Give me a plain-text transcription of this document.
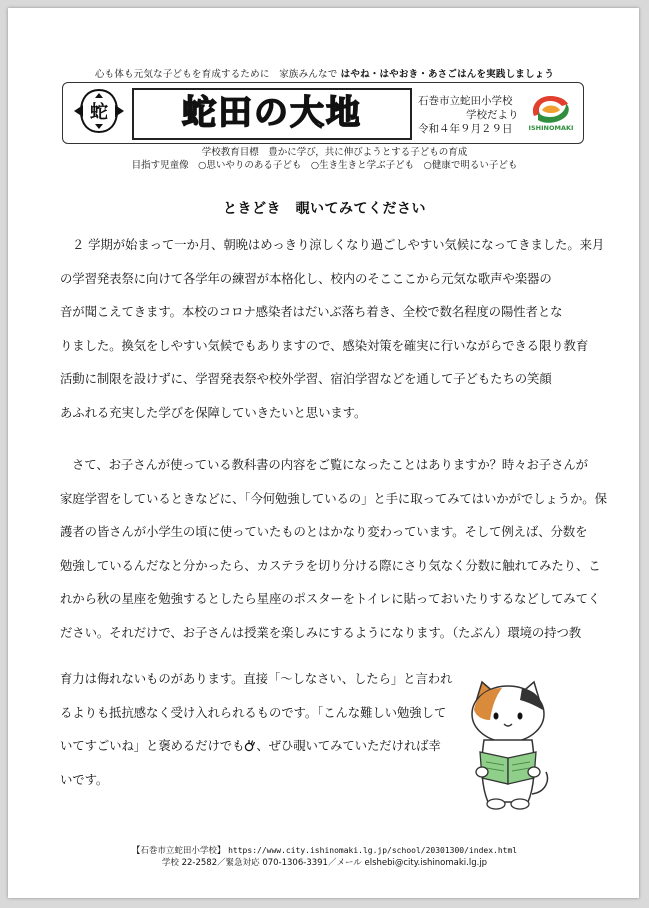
心も体も元気な子どもを育成するために　家族みんなで はやね・はやおき・あさごはんを実践しましょう
蛇	蛇田の大地	石巻市立蛇田小学校
学校だより
令和４年９月２９日	ISHINOMAKI
学校教育目標　豊かに学び，共に伸びようとする子どもの育成
目指す児童像　○思いやりのある子ども　○生き生きと学ぶ子ども　○健康で明るい子ども
ときどき　覗いてみてください
２ 学期が始まって一か月、朝晩はめっきり涼しくなり過ごしやすい気候になってきました。来月
の学習発表祭に向けて各学年の練習が本格化し、校内のそこここから元気な歌声や楽器の
音が聞こえてきます。本校のコロナ感染者はだいぶ落ち着き、全校で数名程度の陽性者とな
りました。換気をしやすい気候でもありますので、感染対策を確実に行いながらできる限り教育
活動に制限を設けずに、学習発表祭や校外学習、宿泊学習などを通して子どもたちの笑顔
あふれる充実した学びを保障していきたいと思います。
さて、お子さんが使っている教科書の内容をご覧になったことはありますか？時々お子さんが
家庭学習をしているときなどに、「今何勉強しているの」と手に取ってみてはいかがでしょうか。保
護者の皆さんが小学生の頃に使っていたものとはかなり変わっています。そして例えば、分数を
勉強しているんだなと分かったら、カステラを切り分ける際にさり気なく分数に触れてみたり、こ
れから秋の星座を勉強するとしたら星座のポスターをトイレに貼っておいたりするなどしてみてく
ださい。それだけで、お子さんは授業を楽しみにするようになります。（たぶん）環境の持つ教
育力は侮れないものがあります。直接「～しなさい、したら」と言われ
るよりも抵抗感なく受け入れられるものです。「こんな難しい勉強して
いてすごいね」と褒めるだけでも 、ぜひ覗いてみていただければ幸
いです。
【石巻市立蛇田小学校】 https://www.city.ishinomaki.lg.jp/school/20301300/index.html
学校 22-2582／緊急対応 070-1306-3391／メール elshebi@city.ishinomaki.lg.jp
